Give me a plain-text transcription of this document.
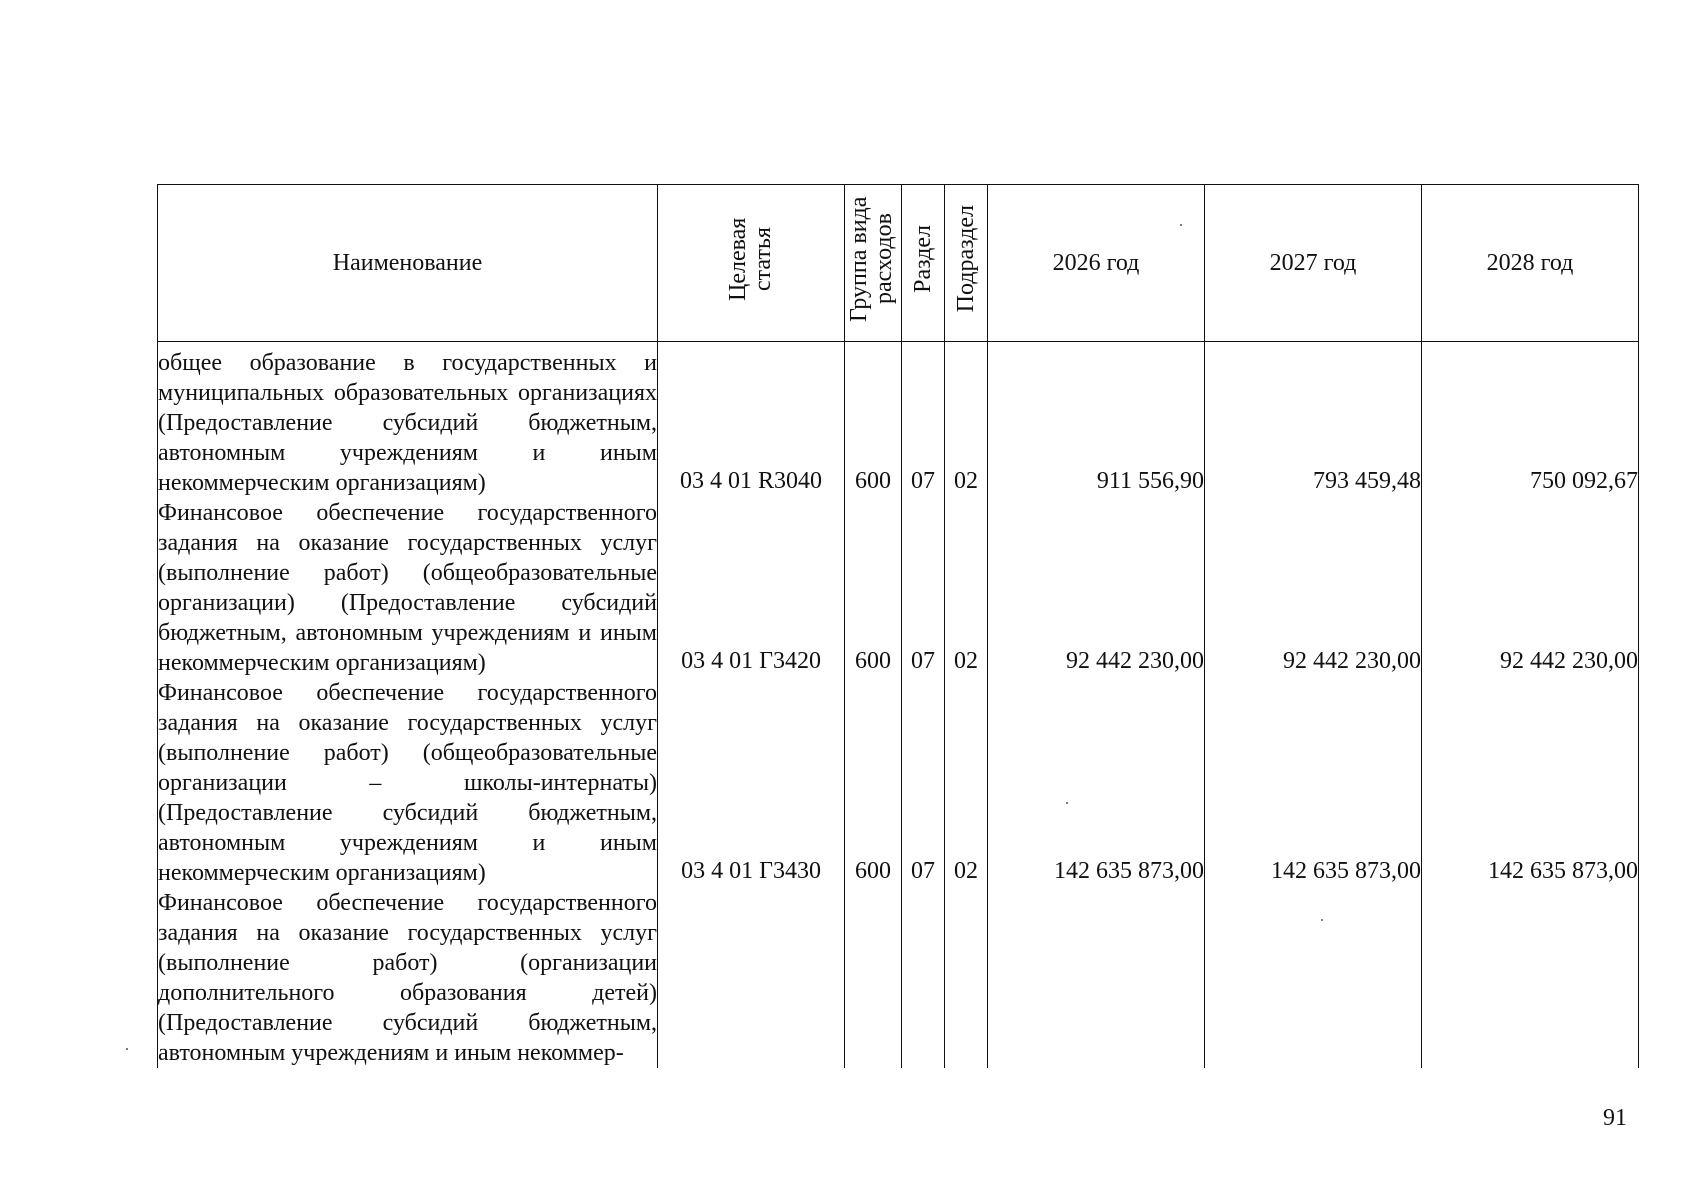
Наименование	Целевая статья	Группа вида расходов	Раздел	Подраздел	2026 год	2027 год	2028 год

общее образование в государственных и муниципальных образовательных организациях (Предоставление субсидий бюджетным, автономным учреждениям и иным некоммерческим организациям)	03 4 01 R3040	600	07	02	911 556,90	793 459,48	750 092,67

Финансовое обеспечение государственного задания на оказание государственных услуг (выполнение работ) (общеобразовательные организации) (Предоставление субсидий бюджетным, автономным учреждениям и иным некоммерческим организациям)	03 4 01 Г3420	600	07	02	92 442 230,00	92 442 230,00	92 442 230,00

Финансовое обеспечение государственного задания на оказание государственных услуг (выполнение работ) (общеобразовательные организации – школы-интернаты) (Предоставление субсидий бюджетным, автономным учреждениям и иным некоммерческим организациям)	03 4 01 Г3430	600	07	02	142 635 873,00	142 635 873,00	142 635 873,00

Финансовое обеспечение государственного задания на оказание государственных услуг (выполнение работ) (организации дополнительного образования детей) (Предоставление субсидий бюджетным, автономным учреждениям и иным некоммер-							

91
